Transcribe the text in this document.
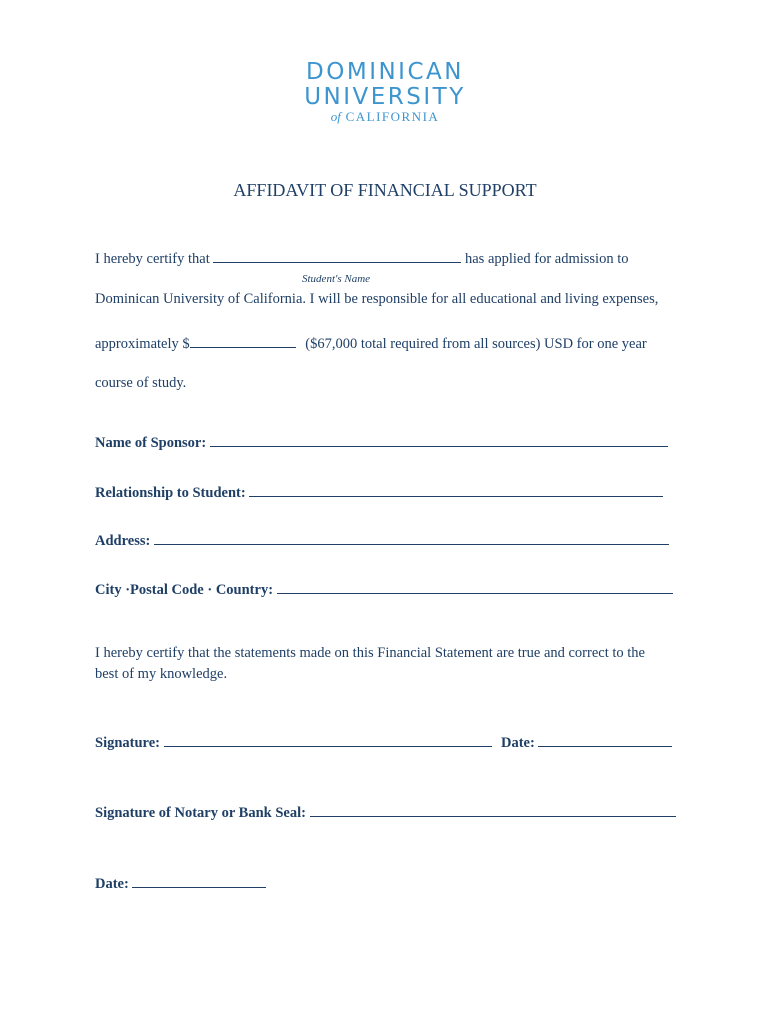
DOMINICAN
UNIVERSITY
of CALIFORNIA
AFFIDAVIT OF FINANCIAL SUPPORT
I hereby certify that	has applied for admission to
Student's Name
Dominican University of California. I will be responsible for all educational and living expenses,
approximately $	($67,000 total required from all sources) USD for one year
course of study.
Name of Sponsor:
Relationship to Student:
Address:
City ·Postal Code · Country:
I hereby certify that the statements made on this Financial Statement are true and correct to the
best of my knowledge.
Signature:	Date:
Signature of Notary or Bank Seal:
Date:
